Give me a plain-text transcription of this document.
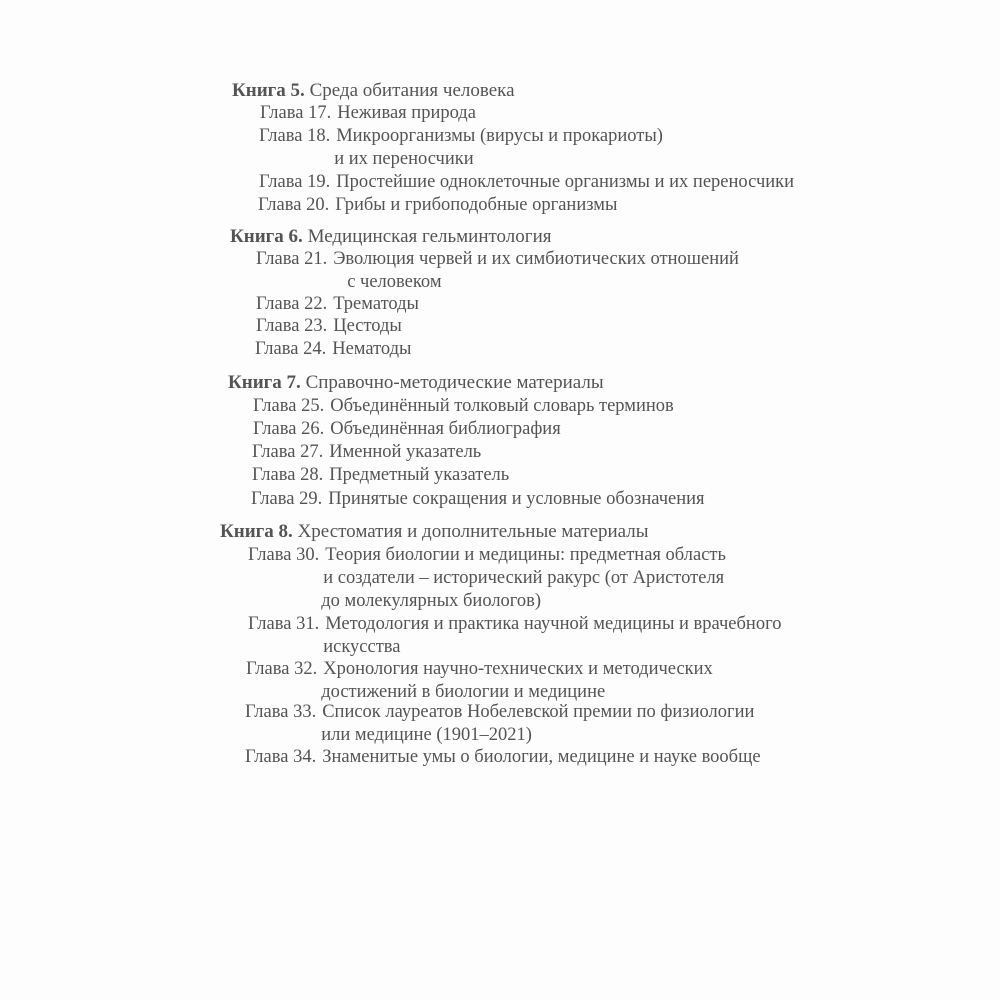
Книга 5. Среда обитания человека
Глава 17. Неживая природа
Глава 18. Микроорганизмы (вирусы и прокариоты)
и их переносчики
Глава 19. Простейшие одноклеточные организмы и их переносчики
Глава 20. Грибы и грибоподобные организмы
Книга 6. Медицинская гельминтология
Глава 21. Эволюция червей и их симбиотических отношений
с человеком
Глава 22. Трематоды
Глава 23. Цестоды
Глава 24. Нематоды
Книга 7. Справочно-методические материалы
Глава 25. Объединённый толковый словарь терминов
Глава 26. Объединённая библиография
Глава 27. Именной указатель
Глава 28. Предметный указатель
Глава 29. Принятые сокращения и условные обозначения
Книга 8. Хрестоматия и дополнительные материалы
Глава 30. Теория биологии и медицины: предметная область
и создатели – исторический ракурс (от Аристотеля
до молекулярных биологов)
Глава 31. Методология и практика научной медицины и врачебного
искусства
Глава 32. Хронология научно-технических и методических
достижений в биологии и медицине
Глава 33. Список лауреатов Нобелевской премии по физиологии
или медицине (1901–2021)
Глава 34. Знаменитые умы о биологии, медицине и науке вообще
